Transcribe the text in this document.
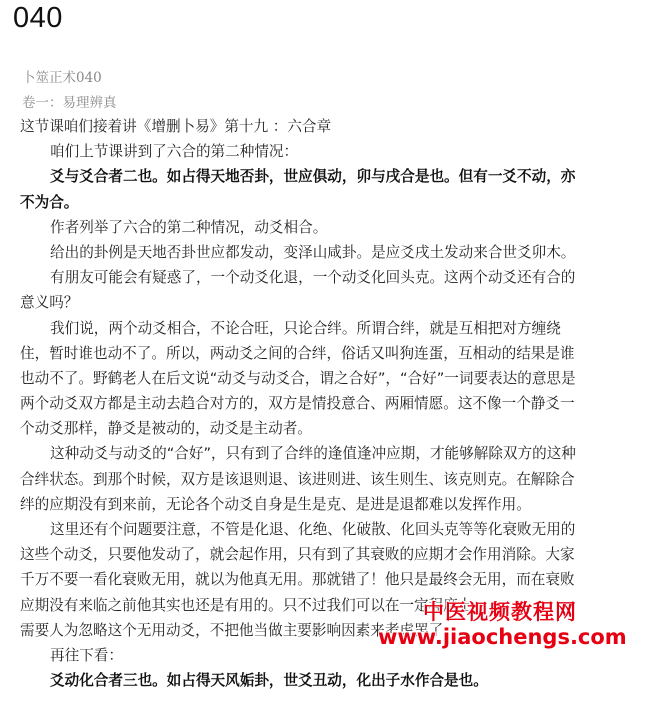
040
卜筮正术040
卷一：易理辨真
这节课咱们接着讲《增删卜易》第十九 ：六合章
咱们上节课讲到了六合的第二种情况：
爻与爻合者二也。如占得天地否卦，世应俱动，卯与戌合是也。但有一爻不动，亦
不为合。
作者列举了六合的第二种情况，动爻相合。
给出的卦例是天地否卦世应都发动，变泽山咸卦。是应爻戌土发动来合世爻卯木。
有朋友可能会有疑惑了，一个动爻化退，一个动爻化回头克。这两个动爻还有合的
意义吗？
我们说，两个动爻相合，不论合旺，只论合绊。所谓合绊，就是互相把对方缠绕
住，暂时谁也动不了。所以，两动爻之间的合绊，俗话又叫狗连蛋，互相动的结果是谁
也动不了。野鹤老人在后文说“动爻与动爻合，谓之合好”，“合好”一词要表达的意思是
两个动爻双方都是主动去趋合对方的，双方是情投意合、两厢情愿。这不像一个静爻一
个动爻那样，静爻是被动的，动爻是主动者。
这种动爻与动爻的“合好”，只有到了合绊的逢值逢冲应期，才能够解除双方的这种
合绊状态。到那个时候，双方是该退则退、该进则进、该生则生、该克则克。在解除合
绊的应期没有到来前，无论各个动爻自身是生是克、是进是退都难以发挥作用。
这里还有个问题要注意，不管是化退、化绝、化破散、化回头克等等化衰败无用的
这些个动爻，只要他发动了，就会起作用，只有到了其衰败的应期才会作用消除。大家
千万不要一看化衰败无用，就以为他真无用。那就错了！他只是最终会无用，而在衰败
应期没有来临之前他其实也还是有用的。只不过我们可以在一定程度上
需要人为忽略这个无用动爻，不把他当做主要影响因素来考虑罢了。
再往下看：
爻动化合者三也。如占得天风姤卦，世爻丑动，化出子水作合是也。
中医视频教程网
www.jiaochengs.com
